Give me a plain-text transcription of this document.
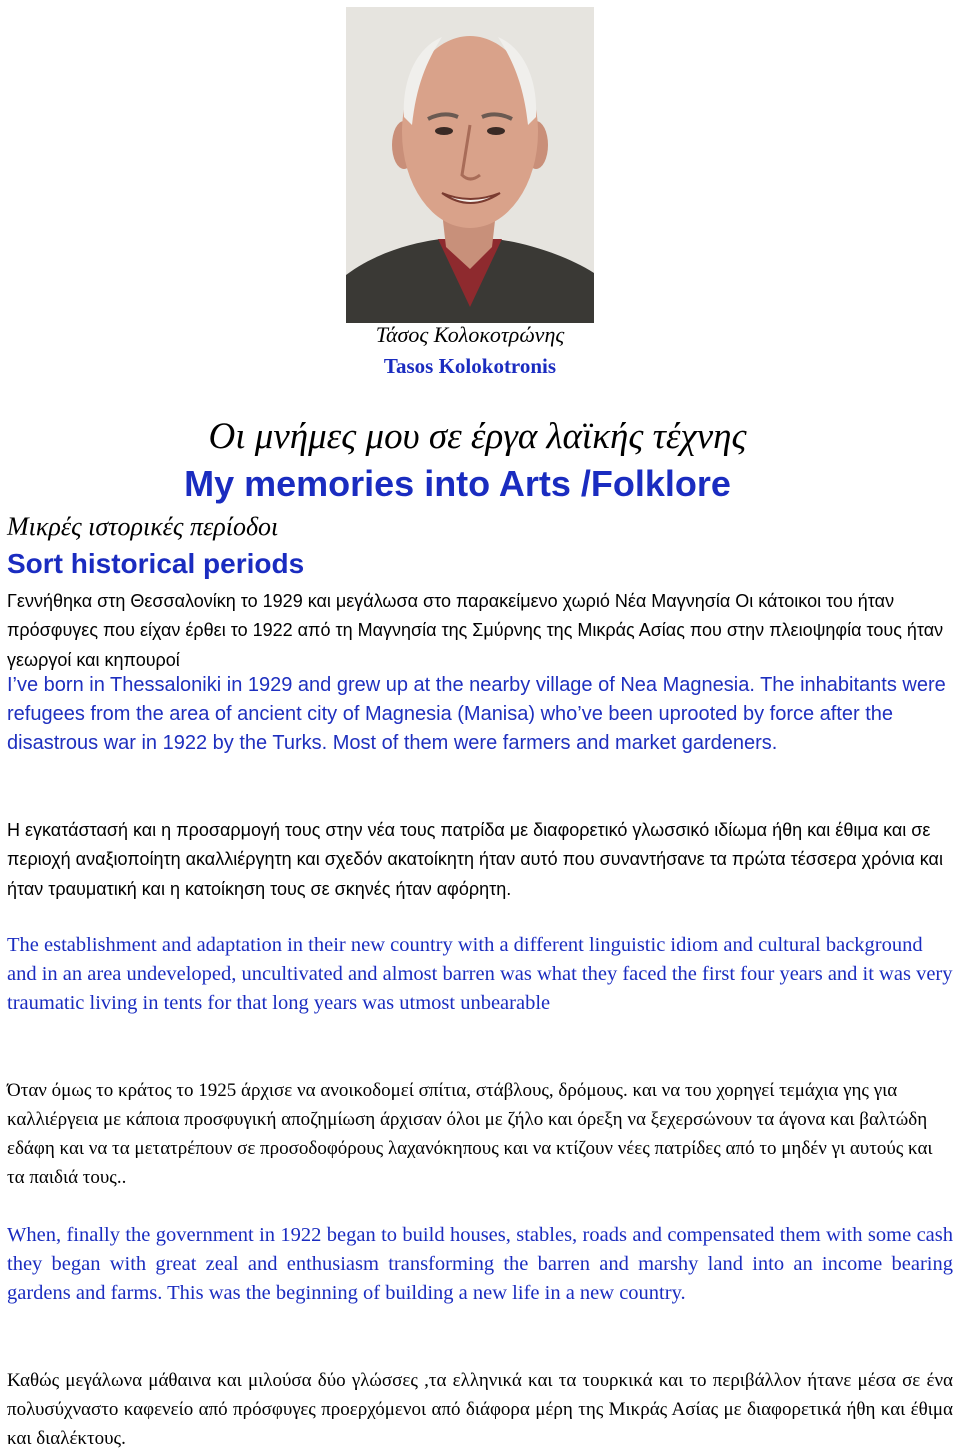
Τάσος Κολοκοτρώνης
Tasos Kolokotronis
Οι μνήμες μου σε έργα λαϊκής τέχνης
My memories into Arts /Folklore
Μικρές ιστορικές περίοδοι
Sort historical periods

Γεννήθηκα στη Θεσσαλονίκη το 1929 και μεγάλωσα στο παρακείμενο χωριό Νέα Μαγνησία Οι κάτοικοι του ήταν πρόσφυγες που είχαν έρθει το 1922 από τη Μαγνησία της Σμύρνης της Μικράς Ασίας που στην πλειοψηφία τους ήταν γεωργοί και κηπουροί

I’ve born in Thessaloniki in 1929 and grew up at the nearby village of Nea Magnesia. The inhabitants were refugees from the area of ancient city of Magnesia (Manisa) who’ve been uprooted by force after the disastrous war in 1922 by the Turks. Most of them were farmers and market gardeners.

Η εγκατάστασή και η προσαρμογή τους στην νέα τους πατρίδα με διαφορετικό γλωσσικό ιδίωμα ήθη και έθιμα και σε περιοχή αναξιοποίητη ακαλλιέργητη και σχεδόν ακατοίκητη ήταν αυτό που συναντήσανε τα πρώτα τέσσερα χρόνια και ήταν τραυματική και η κατοίκηση τους σε σκηνές ήταν αφόρητη.

The establishment and adaptation in their new country with a different linguistic idiom and cultural background and in an area undeveloped, uncultivated and almost barren was what they faced the first four years and it was very traumatic living in tents for that long years was utmost unbearable

Όταν όμως το κράτος το 1925 άρχισε να ανοικοδομεί σπίτια, στάβλους, δρόμους. και να του χορηγεί τεμάχια γης για καλλιέργεια με κάποια προσφυγική αποζημίωση άρχισαν όλοι με ζήλο και όρεξη να ξεχερσώνουν τα άγονα και βαλτώδη εδάφη και να τα μετατρέπουν σε προσοδοφόρους λαχανόκηπους και να κτίζουν νέες πατρίδες από το μηδέν γι αυτούς και τα παιδιά τους..

When, finally the government in 1922 began to build houses, stables, roads and compensated them with some cash they began with great zeal and enthusiasm transforming the barren and marshy land into an income bearing gardens and farms. This was the beginning of building a new life in a new country.

Καθώς μεγάλωνα μάθαινα και μιλούσα δύο γλώσσες ,τα ελληνικά και τα τουρκικά και το περιβάλλον ήτανε μέσα σε ένα πολυσύχναστο καφενείο από πρόσφυγες προερχόμενοι από διάφορα μέρη της Μικράς Ασίας με διαφορετικά ήθη και έθιμα και διαλέκτους.
